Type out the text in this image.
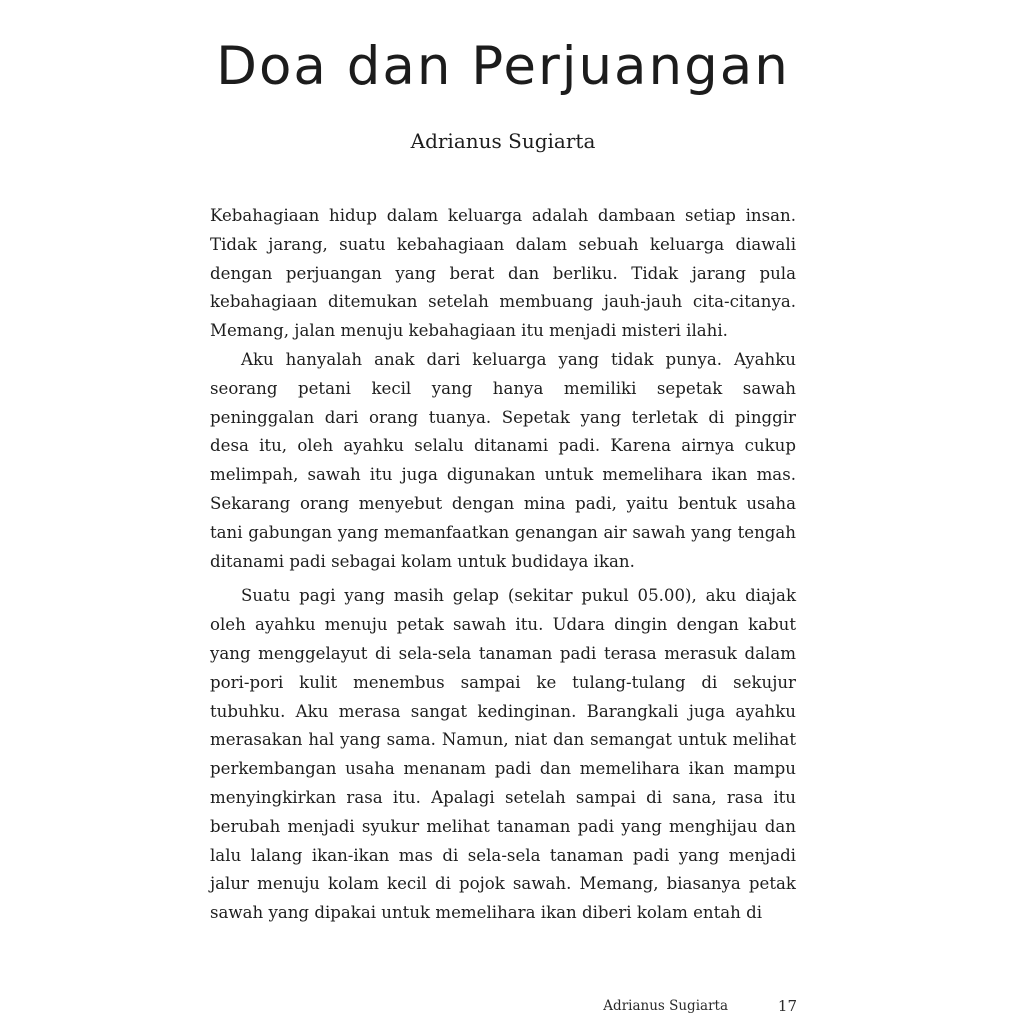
Doa dan Perjuangan
Adrianus Sugiarta

Kebahagiaan hidup dalam keluarga adalah dambaan setiap insan. Tidak jarang, suatu kebahagiaan dalam sebuah keluarga diawali dengan perjuangan yang berat dan berliku. Tidak jarang pula kebahagiaan ditemukan setelah membuang jauh-jauh cita-citanya. Memang, jalan menuju kebahagiaan itu menjadi misteri ilahi.

Aku hanyalah anak dari keluarga yang tidak punya. Ayahku seorang petani kecil yang hanya memiliki sepetak sawah peninggalan dari orang tuanya. Sepetak yang terletak di pinggir desa itu, oleh ayahku selalu ditanami padi. Karena airnya cukup melimpah, sawah itu juga digunakan untuk memelihara ikan mas. Sekarang orang menyebut dengan mina padi, yaitu bentuk usaha tani gabungan yang memanfaatkan genangan air sawah yang tengah ditanami padi sebagai kolam untuk budidaya ikan.

Suatu pagi yang masih gelap (sekitar pukul 05.00), aku diajak oleh ayahku menuju petak sawah itu. Udara dingin dengan kabut yang menggelayut di sela-sela tanaman padi terasa merasuk dalam pori-pori kulit menembus sampai ke tulang-tulang di sekujur tubuhku. Aku merasa sangat kedinginan. Barangkali juga ayahku merasakan hal yang sama. Namun, niat dan semangat untuk melihat perkembangan usaha menanam padi dan memelihara ikan mampu menyingkirkan rasa itu. Apalagi setelah sampai di sana, rasa itu berubah menjadi syukur melihat tanaman padi yang menghijau dan lalu lalang ikan-ikan mas di sela-sela tanaman padi yang menjadi jalur menuju kolam kecil di pojok sawah. Memang, biasanya petak sawah yang dipakai untuk memelihara ikan diberi kolam entah di

Adrianus Sugiarta	17
